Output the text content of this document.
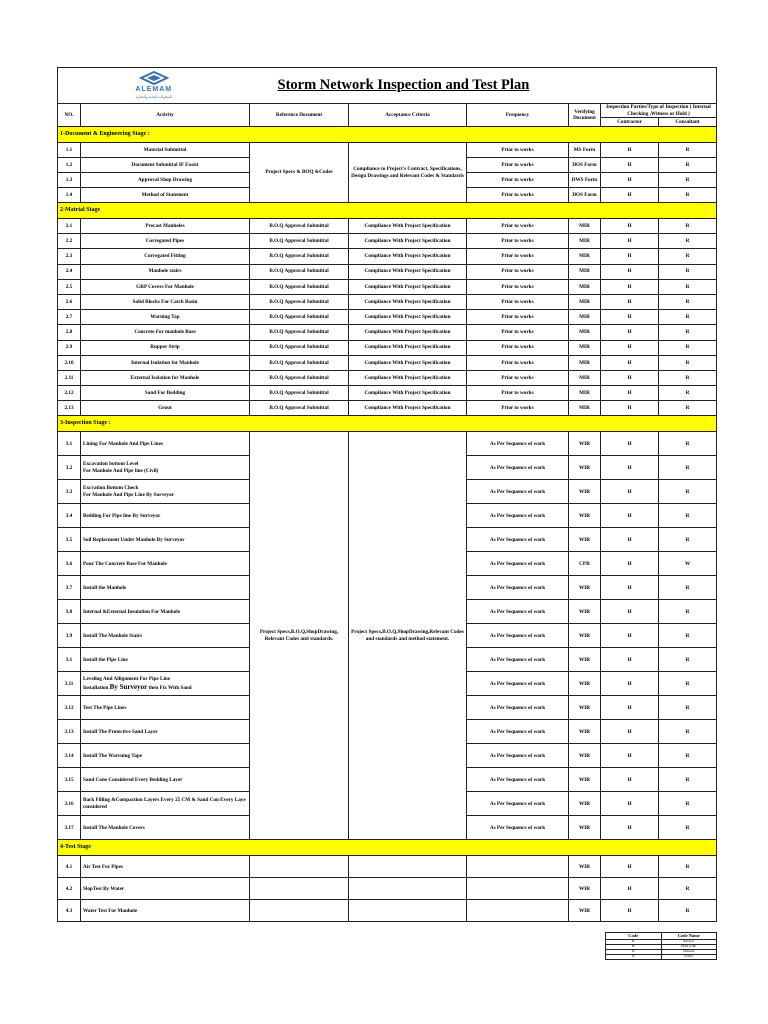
ALEMAM
للمقاولات العامة والتجارة		Storm Network Inspection and Test Plan					
NO.	Activity	Reference Document	Acceptance Criteria	Frequency	Verifying Document	Inspection Parties/Type of Inspection ( Internal Checking ,Witness or Hold )	
						Contractor	Consaltant
1-Document & Engineering Stage :							
1.1	Material Submittal	Project Specs & BOQ &Codes	Compliance to Project's Contract, Specifications, Design Drawings and Relevant Codes & Standards	Prior to works	MS Form	H	R
1.2	Document Submittal IF Exsist			Prior to works	DOS Form	H	R
1.3	Approval Shop Drawing			Prior to works	DWS Form	H	R
1.4	Method of Statement			Prior to works	DOS Form	H	R
2-Matrial Stage							
2.1	Precast Manholes	B.O.Q Approval Submittal	Compliance With Project Specification	Prior to works	MIR	H	R
2.2	Corregated Pipes	B.O.Q Approval Submittal	Compliance With Project Specification	Prior to works	MIR	H	R
2.3	Corregated Fitting	B.O.Q Approval Submittal	Compliance With Project Specification	Prior to works	MIR	H	R
2.4	Manhole stairs	B.O.Q Approval Submittal	Compliance With Project Specification	Prior to works	MIR	H	R
2.5	GRP Covers For Manhole	B.O.Q Approval Submittal	Compliance With Project Specification	Prior to works	MIR	H	R
2.6	Solid Blocks For Catch Basin	B.O.Q Approval Submittal	Compliance With Project Specification	Prior to works	MIR	H	R
2.7	Warning Tap	B.O.Q Approval Submittal	Compliance With Project Specification	Prior to works	MIR	H	R
2.8	Concrete For manhole Base	B.O.Q Approval Submittal	Compliance With Project Specification	Prior to works	MIR	H	R
2.9	Rupper Strip	B.O.Q Approval Submittal	Compliance With Project Specification	Prior to works	MIR	H	R
2.10	Internal Isulation for Manhole	B.O.Q Approval Submittal	Compliance With Project Specification	Prior to works	MIR	H	R
2.11	External Isolation for Manhole	B.O.Q Approval Submittal	Compliance With Project Specification	Prior to works	MIR	H	R
2.12	Sand For Bedding	B.O.Q Approval Submittal	Compliance With Project Specification	Prior to works	MIR	H	R
2.13	Grout	B.O.Q Approval Submittal	Compliance With Project Specification	Prior to works	MIR	H	R
3-Inspection Stage :							
3.1	Lining For Manhole And Pipe Lines	Project Specs,B.O.Q,ShopDrawing, Relevant Codes and standards.	Project Specs,B.O.Q,ShopDrawing,Relevant Codes and standards and method statement.	As Per Sequence of work	WIR	H	R
3.2	Excavation bottom Level
For Manhole And Pipe line (Civil)			As Per Sequence of work	WIR	H	R
3.3	Excvation Bottom Check
For Manhole And Pipe Line By Surveyor			As Per Sequence of work	WIR	H	R
3.4	Bedding For Pipe line By Surveyor			As Per Sequence of work	WIR	H	R
3.5	Soil Replacment Under Manhole By Surveyor			As Per Sequence of work	WIR	H	R
3.6	Pour The Concrete Base For Manhole			As Per Sequence of work	CPR	H	W
3.7	Install the Manhole			As Per Sequence of work	WIR	H	R
3.8	Internal &External Insulation For Manhole			As Per Sequence of work	WIR	H	R
3.9	Install The Manhole Stairs			As Per Sequence of work	WIR	H	R
3.1	Install the Pipe Line			As Per Sequence of work	WIR	H	R
3.11	Leveling And Allignment For Pipe Line
Installation By Surveyor then Fix With Sand			As Per Sequence of work	WIR	H	R
3.12	Test The Pipe Lines			As Per Sequence of work	WIR	H	R
3.13	Install The Protective Sand Layer			As Per Sequence of work	WIR	H	R
3.14	Install The Warrning Tape			As Per Sequence of work	WIR	H	R
3.15	Sand Cone Considered Every Bedding Layer			As Per Sequence of work	WIR	H	R
3.16	Back Filling &Compaction Layers Every 25 CM & Sand Con Every Laye considered			As Per Sequence of work	WIR	H	R
3.17	Install The Manhole Covers			As Per Sequence of work	WIR	H	R
4-Test Stage							
4.1	Air Test For Pipes				WIR	H	R
4.2	SlopTest By Water				WIR	H	R
4.3	Water Test For Manhole				WIR	H	R
Code	Code Name
R	Review
H	Hold point
W	Witness
N	Notify
